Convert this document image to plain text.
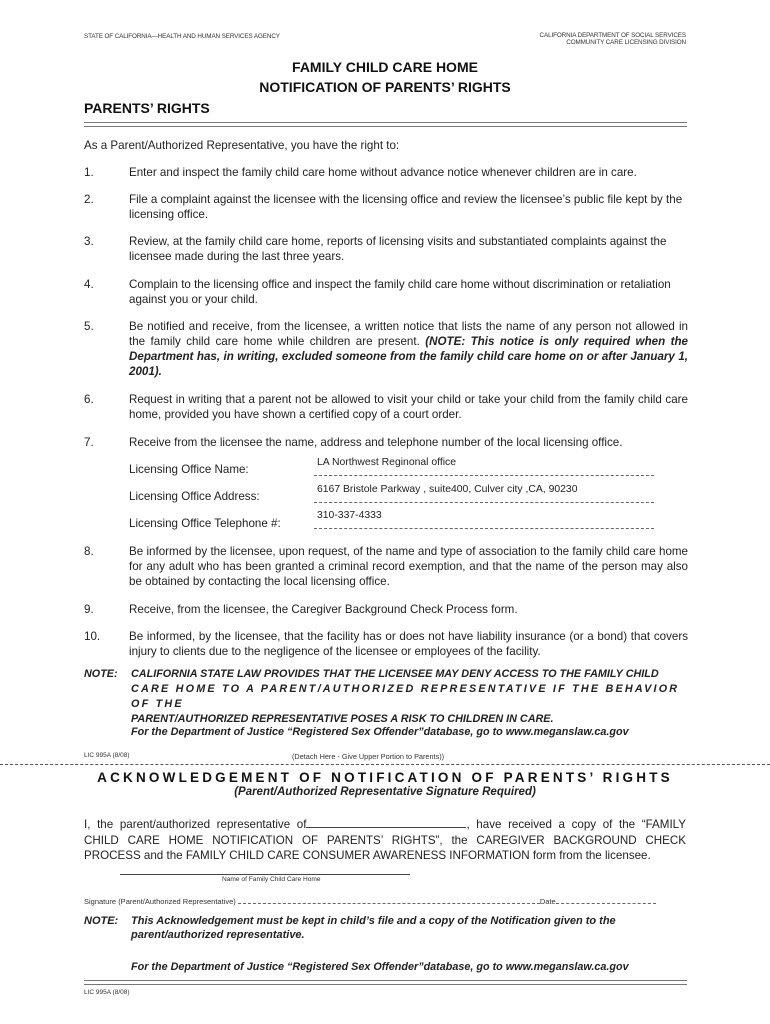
STATE OF CALIFORNIA—HEALTH AND HUMAN SERVICES AGENCY	CALIFORNIA DEPARTMENT OF SOCIAL SERVICES
COMMUNITY CARE LICENSING DIVISION
FAMILY CHILD CARE HOME
NOTIFICATION OF PARENTS’ RIGHTS
PARENTS’ RIGHTS
As a Parent/Authorized Representative, you have the right to:
1.	Enter and inspect the family child care home without advance notice whenever children are in care.
2.	File a complaint against the licensee with the licensing office and review the licensee’s public file kept by the licensing office.
3.	Review, at the family child care home, reports of licensing visits and substantiated complaints against the licensee made during the last three years.
4.	Complain to the licensing office and inspect the family child care home without discrimination or retaliation against you or your child.
5.	Be notified and receive, from the licensee, a written notice that lists the name of any person not allowed in the family child care home while children are present. (NOTE: This notice is only required when the Department has, in writing, excluded someone from the family child care home on or after January 1, 2001).
6.	Request in writing that a parent not be allowed to visit your child or take your child from the family child care home, provided you have shown a certified copy of a court order.
7.	Receive from the licensee the name, address and telephone number of the local licensing office.
Licensing Office Name:
LA Northwest Reginonal office
Licensing Office Address:
6167 Bristole Parkway , suite400, Culver city ,CA, 90230
Licensing Office Telephone #:
310-337-4333
8.	Be informed by the licensee, upon request, of the name and type of association to the family child care home for any adult who has been granted a criminal record exemption, and that the name of the person may also be obtained by contacting the local licensing office.
9.	Receive, from the licensee, the Caregiver Background Check Process form.
10. Be informed, by the licensee, that the facility has or does not have liability insurance (or a bond) that covers injury to clients due to the negligence of the licensee or employees of the facility.
NOTE: CALIFORNIA STATE LAW PROVIDES THAT THE LICENSEE MAY DENY ACCESS TO THE FAMILY CHILD
CARE HOME TO A PARENT/AUTHORIZED REPRESENTATIVE IF THE BEHAVIOR OF THE
PARENT/AUTHORIZED REPRESENTATIVE POSES A RISK TO CHILDREN IN CARE.
For the Department of Justice “Registered Sex Offender”database, go to www.meganslaw.ca.gov
LIC 995A (8/08)	(Detach Here - Give Upper Portion to Parents))
ACKNOWLEDGEMENT OF NOTIFICATION OF PARENTS’ RIGHTS
(Parent/Authorized Representative Signature Required)
I, the parent/authorized representative of	, have received a copy of the “FAMILY CHILD CARE HOME NOTIFICATION OF PARENTS’ RIGHTS”, the CAREGIVER BACKGROUND CHECK PROCESS and the FAMILY CHILD CARE CONSUMER AWARENESS INFORMATION form from the licensee.
Name of Family Child Care Home
Signature (Parent/Authorized Representative)	Date
NOTE: This Acknowledgement must be kept in child’s file and a copy of the Notification given to the
parent/authorized representative.
For the Department of Justice “Registered Sex Offender”database, go to www.meganslaw.ca.gov
LIC 995A (8/08)
